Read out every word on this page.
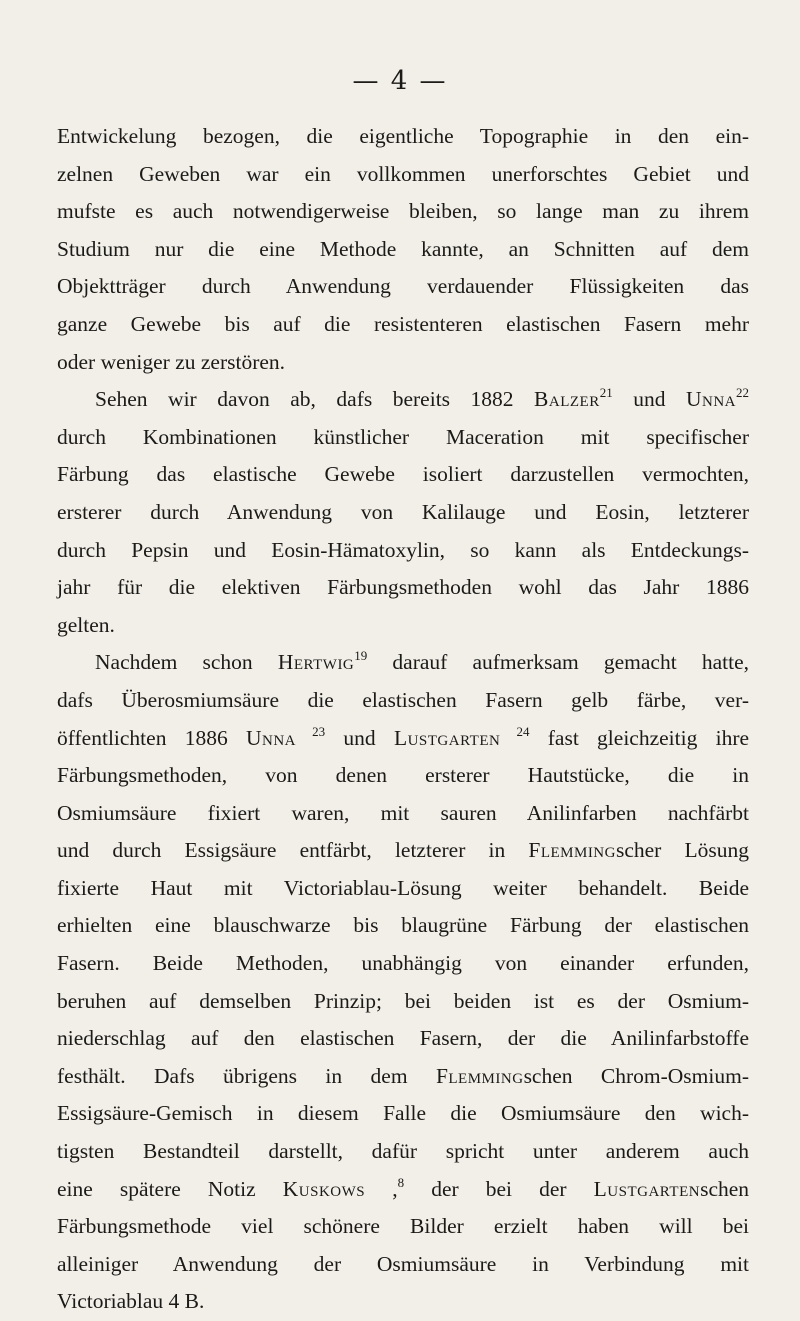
— 4 —
Entwickelung bezogen, die eigentliche Topographie in den ein-
zelnen Geweben war ein vollkommen unerforschtes Gebiet und
mufste es auch notwendigerweise bleiben, so lange man zu ihrem
Studium nur die eine Methode kannte, an Schnitten auf dem
Objektträger durch Anwendung verdauender Flüssigkeiten das
ganze Gewebe bis auf die resistenteren elastischen Fasern mehr
oder weniger zu zerstören.
Sehen wir davon ab, dafs bereits 1882 Balzer$^{21}$ und Unna$^{22}$
durch Kombinationen künstlicher Maceration mit specifischer
Färbung das elastische Gewebe isoliert darzustellen vermochten,
ersterer durch Anwendung von Kalilauge und Eosin, letzterer
durch Pepsin und Eosin-Hämatoxylin, so kann als Entdeckungs-
jahr für die elektiven Färbungsmethoden wohl das Jahr 1886
gelten.
Nachdem schon Hertwig$^{19}$ darauf aufmerksam gemacht hatte,
dafs Überosmiumsäure die elastischen Fasern gelb färbe, ver-
öffentlichten 1886 Unna $^{23}$ und Lustgarten $^{24}$ fast gleichzeitig ihre
Färbungsmethoden, von denen ersterer Hautstücke, die in
Osmiumsäure fixiert waren, mit sauren Anilinfarben nachfärbt
und durch Essigsäure entfärbt, letzterer in Flemmingscher Lösung
fixierte Haut mit Victoriablau-Lösung weiter behandelt. Beide
erhielten eine blauschwarze bis blaugrüne Färbung der elastischen
Fasern. Beide Methoden, unabhängig von einander erfunden,
beruhen auf demselben Prinzip; bei beiden ist es der Osmium-
niederschlag auf den elastischen Fasern, der die Anilinfarbstoffe
festhält. Dafs übrigens in dem Flemmingschen Chrom-Osmium-
Essigsäure-Gemisch in diesem Falle die Osmiumsäure den wich-
tigsten Bestandteil darstellt, dafür spricht unter anderem auch
eine spätere Notiz Kuskows ,$^8$ der bei der Lustgartenschen
Färbungsmethode viel schönere Bilder erzielt haben will bei
alleiniger Anwendung der Osmiumsäure in Verbindung mit
Victoriablau 4 B.
